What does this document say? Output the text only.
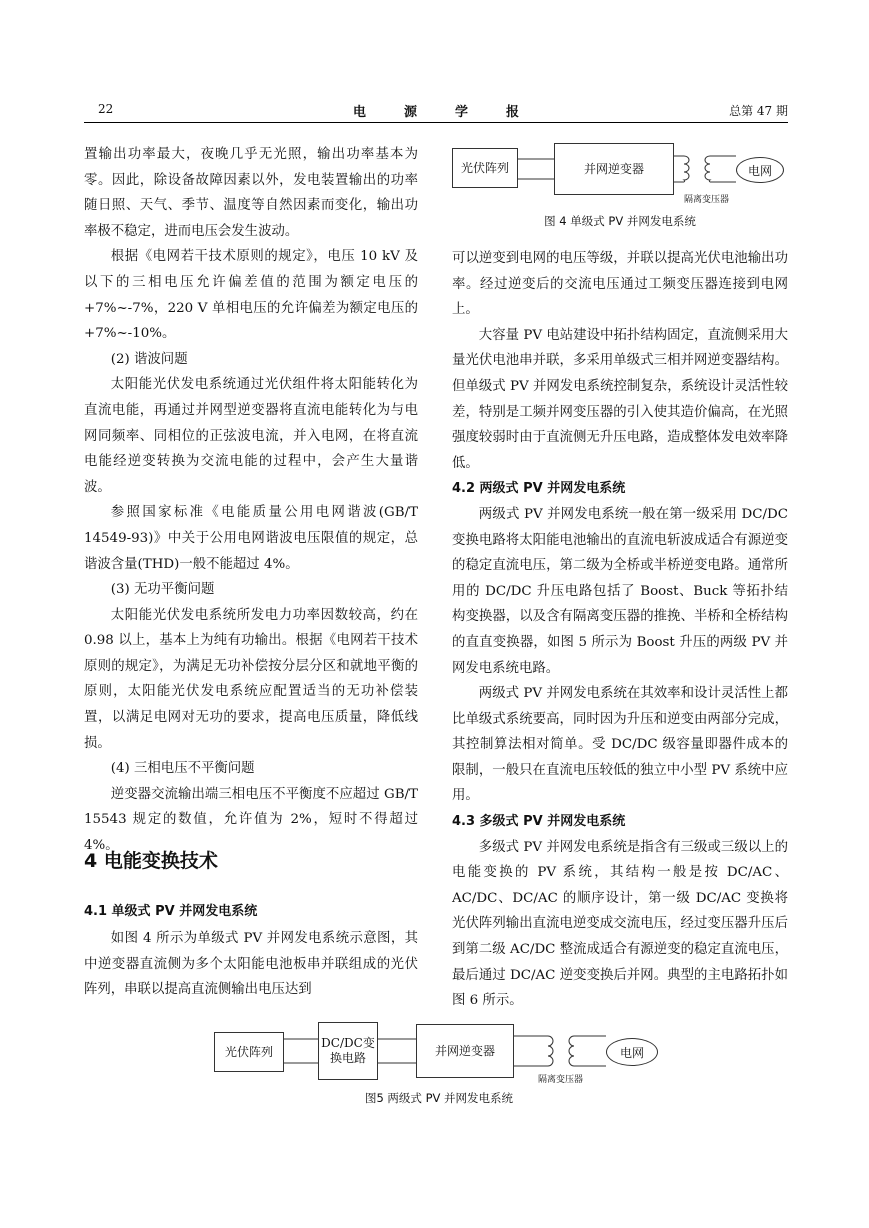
22	电源学报	总第 47 期

置输出功率最大，夜晚几乎无光照，输出功率基本为零。因此，除设备故障因素以外，发电装置输出的功率随日照、天气、季节、温度等自然因素而变化，输出功率极不稳定，进而电压会发生波动。

根据《电网若干技术原则的规定》，电压 10 kV 及以下的三相电压允许偏差值的范围为额定电压的+7%~-7%，220 V 单相电压的允许偏差为额定电压的+7%~-10%。

(2) 谐波问题

太阳能光伏发电系统通过光伏组件将太阳能转化为直流电能，再通过并网型逆变器将直流电能转化为与电网同频率、同相位的正弦波电流，并入电网，在将直流电能经逆变转换为交流电能的过程中，会产生大量谐波。

参照国家标准《电能质量公用电网谐波(GB/T 14549-93)》中关于公用电网谐波电压限值的规定，总谐波含量(THD)一般不能超过 4%。

(3) 无功平衡问题

太阳能光伏发电系统所发电力功率因数较高，约在 0.98 以上，基本上为纯有功输出。根据《电网若干技术原则的规定》，为满足无功补偿按分层分区和就地平衡的原则，太阳能光伏发电系统应配置适当的无功补偿装置，以满足电网对无功的要求，提高电压质量，降低线损。

(4) 三相电压不平衡问题

逆变器交流输出端三相电压不平衡度不应超过 GB/T 15543 规定的数值，允许值为 2%，短时不得超过 4%。

4 电能变换技术
4.1 单级式 PV 并网发电系统

如图 4 所示为单级式 PV 并网发电系统示意图，其中逆变器直流侧为多个太阳能电池板串并联组成的光伏阵列，串联以提高直流侧输出电压达到

光伏阵列	并网逆变器
隔离变压器
电网
图 4 单级式 PV 并网发电系统

可以逆变到电网的电压等级，并联以提高光伏电池输出功率。经过逆变后的交流电压通过工频变压器连接到电网上。

大容量 PV 电站建设中拓扑结构固定，直流侧采用大量光伏电池串并联，多采用单级式三相并网逆变器结构。但单级式 PV 并网发电系统控制复杂，系统设计灵活性较差，特别是工频并网变压器的引入使其造价偏高，在光照强度较弱时由于直流侧无升压电路，造成整体发电效率降低。

4.2 两级式 PV 并网发电系统

两级式 PV 并网发电系统一般在第一级采用 DC/DC 变换电路将太阳能电池输出的直流电斩波成适合有源逆变的稳定直流电压，第二级为全桥或半桥逆变电路。通常所用的 DC/DC 升压电路包括了 Boost、Buck 等拓扑结构变换器，以及含有隔离变压器的推挽、半桥和全桥结构的直直变换器，如图 5 所示为 Boost 升压的两级 PV 并网发电系统电路。

两级式 PV 并网发电系统在其效率和设计灵活性上都比单级式系统要高，同时因为升压和逆变由两部分完成，其控制算法相对简单。受 DC/DC 级容量即器件成本的限制，一般只在直流电压较低的独立中小型 PV 系统中应用。

4.3 多级式 PV 并网发电系统

多级式 PV 并网发电系统是指含有三级或三级以上的电能变换的 PV 系统，其结构一般是按 DC/AC、AC/DC、DC/AC 的顺序设计，第一级 DC/AC 变换将光伏阵列输出直流电逆变成交流电压，经过变压器升压后到第二级 AC/DC 整流成适合有源逆变的稳定直流电压，最后通过 DC/AC 逆变变换后并网。典型的主电路拓扑如图 6 所示。

光伏阵列
DC/DC变换电路
并网逆变器
隔离变压器
电网
图5 两级式 PV 并网发电系统
